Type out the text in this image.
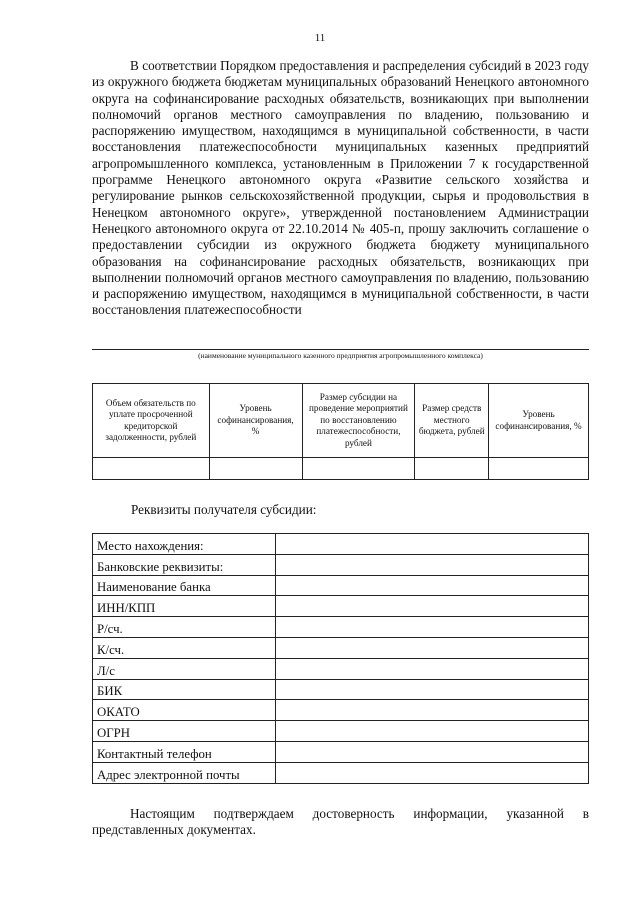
11

В соответствии Порядком предоставления и распределения субсидий в 2023 году из окружного бюджета бюджетам муниципальных образований Ненецкого автономного округа на софинансирование расходных обязательств, возникающих при выполнении полномочий органов местного самоуправления по владению, пользованию и распоряжению имуществом, находящимся в муниципальной собственности, в части восстановления платежеспособности муниципальных казенных предприятий агропромышленного комплекса, установленным в Приложении 7 к государственной программе Ненецкого автономного округа «Развитие сельского хозяйства и регулирование рынков сельскохозяйственной продукции, сырья и продовольствия в Ненецком автономного округе», утвержденной постановлением Администрации Ненецкого автономного округа от 22.10.2014 № 405-п, прошу заключить соглашение о предоставлении субсидии из окружного бюджета бюджету муниципального образования на софинансирование расходных обязательств, возникающих при выполнении полномочий органов местного самоуправления по владению, пользованию и распоряжению имуществом, находящимся в муниципальной собственности, в части восстановления платежеспособности

(наименование муниципального казенного предприятия агропромышленного комплекса)
Объем обязательств по уплате просроченной кредиторской задолженности, рублей	Уровень софинансирования, %	Размер субсидии на проведение мероприятий по восстановлению платежеспособности, рублей	Размер средств местного бюджета, рублей	Уровень софинансирования, %

Реквизиты получателя субсидии:
Место нахождения:	
Банковские реквизиты:	
Наименование банка	
ИНН/КПП	
Р/сч.	
К/сч.	
Л/с	
БИК	
ОКАТО	
ОГРН	
Контактный телефон	
Адрес электронной почты	

Настоящим подтверждаем достоверность информации, указанной в представленных документах.
